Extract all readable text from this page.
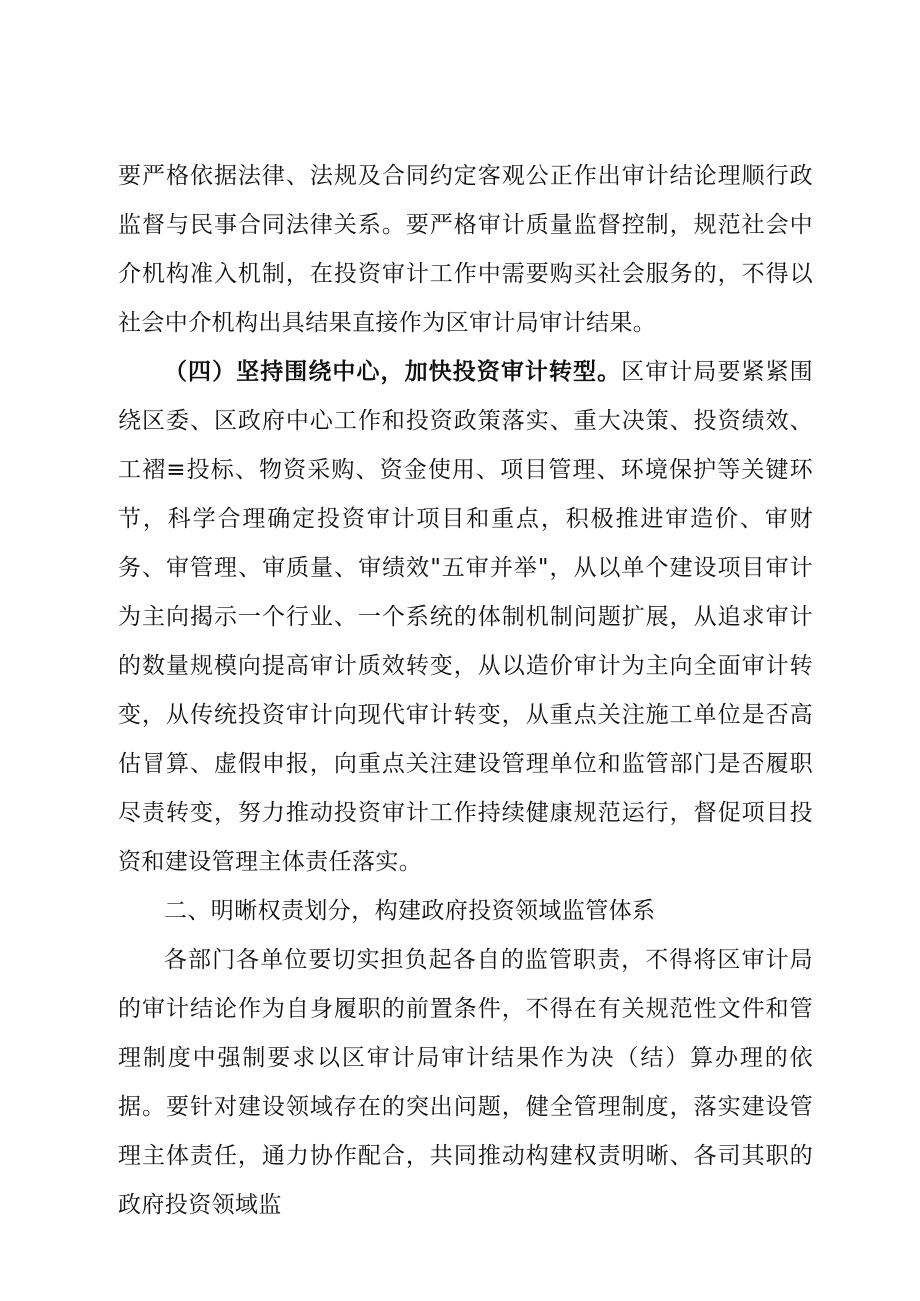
要严格依据法律、法规及合同约定客观公正作出审计结论理顺行政监督与民事合同法律关系。要严格审计质量监督控制，规范社会中介机构准入机制，在投资审计工作中需要购买社会服务的，不得以社会中介机构出具结果直接作为区审计局审计结果。

（四）坚持围绕中心，加快投资审计转型。区审计局要紧紧围绕区委、区政府中心工作和投资政策落实、重大决策、投资绩效、工褶≡投标、物资采购、资金使用、项目管理、环境保护等关键环节，科学合理确定投资审计项目和重点，积极推进审造价、审财务、审管理、审质量、审绩效"五审并举"，从以单个建设项目审计为主向揭示一个行业、一个系统的体制机制问题扩展，从追求审计的数量规模向提高审计质效转变，从以造价审计为主向全面审计转变，从传统投资审计向现代审计转变，从重点关注施工单位是否高估冒算、虚假申报，向重点关注建设管理单位和监管部门是否履职尽责转变，努力推动投资审计工作持续健康规范运行，督促项目投资和建设管理主体责任落实。

二、明晰权责划分，构建政府投资领域监管体系

各部门各单位要切实担负起各自的监管职责，不得将区审计局的审计结论作为自身履职的前置条件，不得在有关规范性文件和管理制度中强制要求以区审计局审计结果作为决（结）算办理的依据。要针对建设领域存在的突出问题，健全管理制度，落实建设管理主体责任，通力协作配合，共同推动构建权责明晰、各司其职的政府投资领域监
